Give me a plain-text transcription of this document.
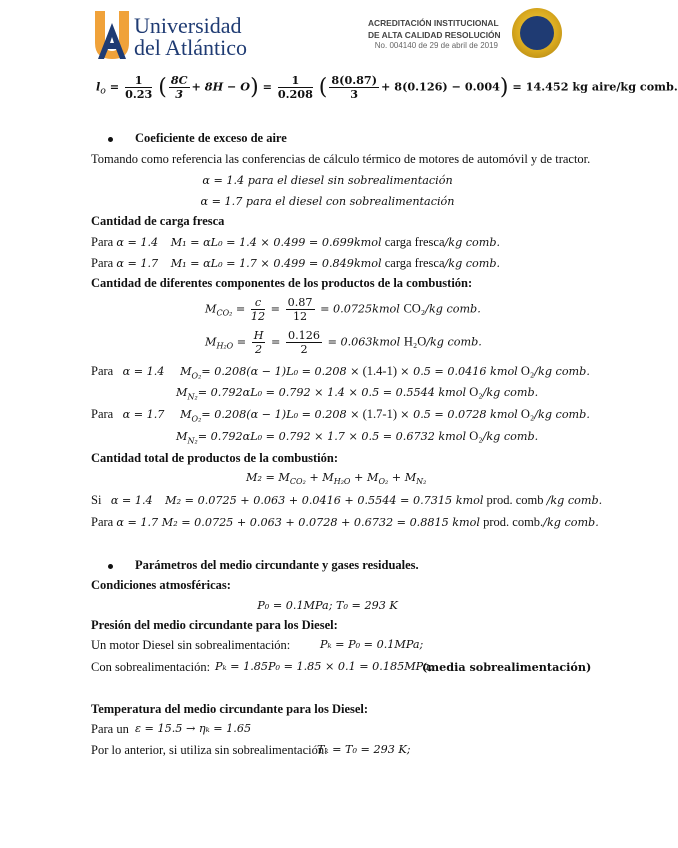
Universidad
del Atlántico
ACREDITACIÓN INSTITUCIONAL
DE ALTA CALIDAD RESOLUCIÓN
No. 004140 de 29 de abril de 2019
$l_o = \frac{1}{0.23}$ ( $\frac{8C}{3} + 8H - O) = \frac{1}{0.208}$ ( $\frac{8(0.87)}{3} + 8(0.126) - 0.004) = 14.452$ kg aire/kg comb.
Coeficiente de exceso de aire
Tomando como referencia las conferencias de cálculo térmico de motores de automóvil y de tractor.
α = 1.4 para el diesel sin sobrealimentación
α = 1.7 para el diesel con sobrealimentación
Cantidad de carga fresca
Para α = 1.4 M₁ = αL₀ = 1.4 × 0.499 = 0.699kmol carga fresca/kg comb.
Para α = 1.7 M₁ = αL₀ = 1.7 × 0.499 = 0.849kmol carga fresca/kg comb.
Cantidad de diferentes componentes de los productos de la combustión:
$M_{CO_2} = \frac{c}{12} = \frac{0.87}{12}$ = 0.0725kmol CO₂/kg comb.
$M_{H_2O} = \frac{H}{2} = \frac{0.126}{2}$ = 0.063kmol H₂O/kg comb.
Para α = 1.4 $M_{O_2}= 0.208(\alpha - 1)L_0 = 0.208 \times (1.4-1) \times 0.5 = 0.0416$ kmol O₂/kg comb.
$M_{N_2}= 0.792\alpha L_0 = 0.792 \times 1.4 \times 0.5 = 0.5544$ kmol O₂/kg comb.
Para α = 1.7 $M_{O_2}= 0.208(\alpha - 1)L_0 = 0.208 \times (1.7-1) \times 0.5 = 0.0728$ kmol O₂/kg comb.
$M_{N_2}= 0.792\alpha L_0 = 0.792 \times 1.7 \times 0.5 = 0.6732$ kmol O₂/kg comb.
Cantidad total de productos de la combustión:
$M_2 = M_{CO_2} + M_{H_2O} + M_{O_2} + M_{N_2}$
Si α = 1.4 M₂ = 0.0725 + 0.063 + 0.0416 + 0.5544 = 0.7315 kmol prod. comb /kg comb.
Para α = 1.7 M₂ = 0.0725 + 0.063 + 0.0728 + 0.6732 = 0.8815 kmol prod. comb./kg comb.
Parámetros del medio circundante y gases residuales.
Condiciones atmosféricas:
P₀ = 0.1MPa; T₀ = 293 K
Presión del medio circundante para los Diesel:
Un motor Diesel sin sobrealimentación:	Pₖ = P₀ = 0.1MPa;
Con sobrealimentación: Pₖ = 1.85P₀ = 1.85 × 0.1 = 0.185MPa;
(media sobrealimentación)
Temperatura del medio circundante para los Diesel:
Para un ε = 15.5 → ηₖ = 1.65
Por lo anterior, si utiliza sin sobrealimentación:
Tₖ = T₀ = 293 K;
